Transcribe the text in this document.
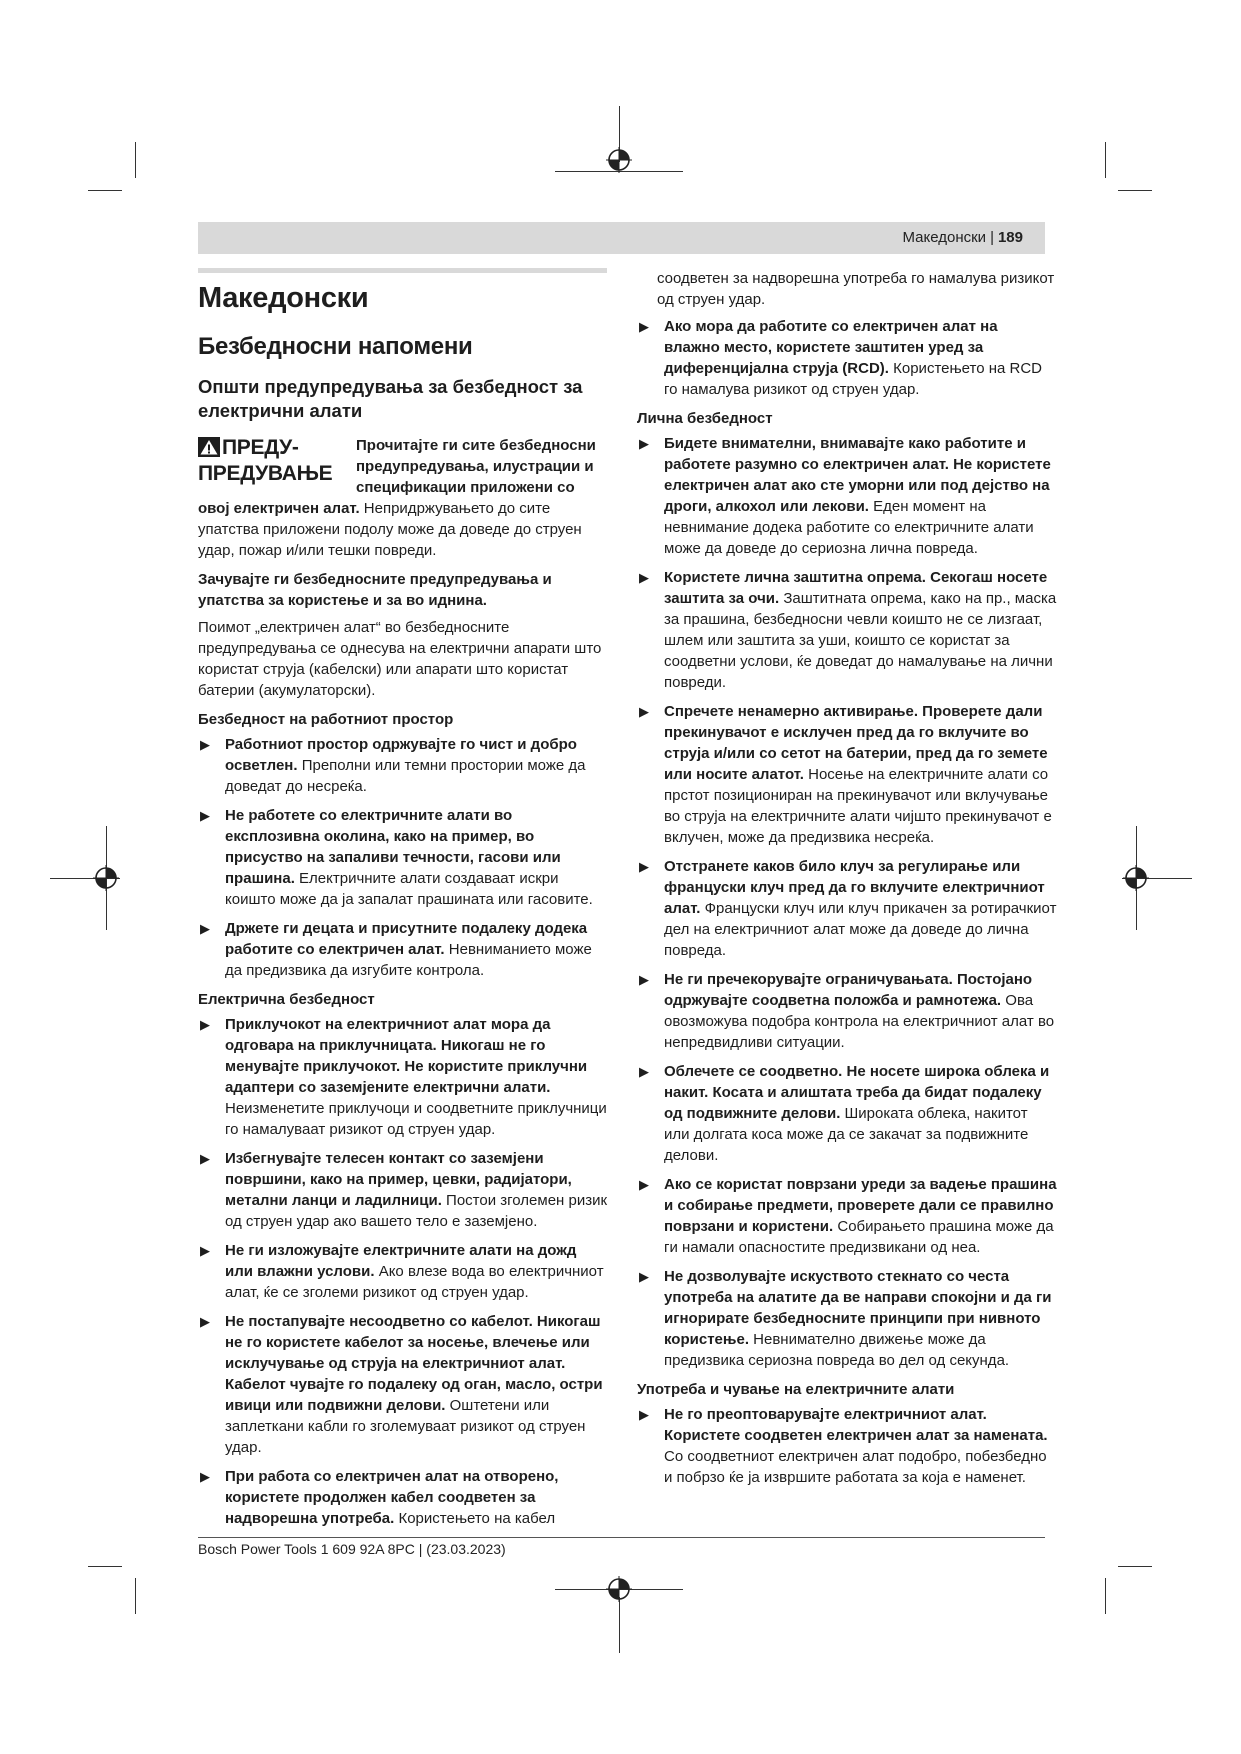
Македонски | 189
Македонски
Безбедносни напомени
Општи предупредувања за безбедност за електрични алати
ПРЕДУ-
ПРЕДУВАЊЕ
Прочитајте ги сите безбедносни предупредувања, илустрации и спецификации приложени со
овој електричен алат. Непридржувањето до сите упатства приложени подолу може да доведе до струен удар, пожар и/или тешки повреди.

Зачувајте ги безбедносните предупредувања и упатства за користење и за во иднина.

Поимот „електричен алат“ во безбедносните предупредувања се однесува на електрични апарати што користат струја (кабелски) или апарати што користат батерии (акумулаторски).

Безбедност на работниот простор
▶ Работниот простор одржувајте го чист и добро осветлен. Преполни или темни простории може да доведат до несреќа.
▶ Не работете со електричните алати во експлозивна околина, како на пример, во присуство на запаливи течности, гасови или прашина. Електричните алати создаваат искри коишто може да ја запалат прашината или гасовите.
▶ Држете ги децата и присутните подалеку додека работите со електричен алат. Невниманието може да предизвика да изгубите контрола.
Електрична безбедност
▶ Приклучокот на електричниот алат мора да одговара на приклучницата. Никогаш не го менувајте приклучокот. Не користите приклучни адаптери со заземјените електрични алати. Неизменетите приклучоци и соодветните приклучници го намалуваат ризикот од струен удар.
▶ Избегнувајте телесен контакт со заземјени површини, како на пример, цевки, радијатори, метални ланци и ладилници. Постои зголемен ризик од струен удар ако вашето тело е заземјено.
▶ Не ги изложувајте електричните алати на дожд или влажни услови. Ако влезе вода во електричниот алат, ќе се зголеми ризикот од струен удар.
▶ Не постапувајте несоодветно со кабелот. Никогаш не го користете кабелот за носење, влечење или исклучување од струја на електричниот алат. Кабелот чувајте го подалеку од оган, масло, остри ивици или подвижни делови. Оштетени или заплеткани кабли го зголемуваат ризикот од струен удар.
▶ При работа со електричен алат на отворено, користете продолжен кабел соодветен за надворешна употреба. Користењето на кабел

соодветен за надворешна употреба го намалува ризикот од струен удар.

▶ Ако мора да работите со електричен алат на влажно место, користете заштитен уред за диференцијална струја (RCD). Користењето на RCD го намалува ризикот од струен удар.
Лична безбедност
▶ Бидете внимателни, внимавајте како работите и работете разумно со електричен алат. Не користете електричен алат ако сте уморни или под дејство на дроги, алкохол или лекови. Еден момент на невнимание додека работите со електричните алати може да доведе до сериозна лична повреда.
▶ Користете лична заштитна опрема. Секогаш носете заштита за очи. Заштитната опрема, како на пр., маска за прашина, безбедносни чевли коишто не се лизгаат, шлем или заштита за уши, коишто се користат за соодветни услови, ќе доведат до намалување на лични повреди.
▶ Спречете ненамерно активирање. Проверете дали прекинувачот е исклучен пред да го вклучите во струја и/или со сетот на батерии, пред да го земете или носите алатот. Носење на електричните алати со прстот позициониран на прекинувачот или вклучување во струја на електричните алати чијшто прекинувачот е вклучен, може да предизвика несреќа.
▶ Отстранете каков било клуч за регулирање или француски клуч пред да го вклучите електричниот алат. Француски клуч или клуч прикачен за ротирачкиот дел на електричниот алат може да доведе до лична повреда.
▶ Не ги пречекорувајте ограничувањата. Постојано одржувајте соодветна положба и рамнотежа. Ова овозможува подобра контрола на електричниот алат во непредвидливи ситуации.
▶ Облечете се соодветно. Не носете широка облека и накит. Косата и алиштата треба да бидат подалеку од подвижните делови. Широката облека, накитот или долгата коса може да се закачат за подвижните делови.
▶ Ако се користат поврзани уреди за вадење прашина и собирање предмети, проверете дали се правилно поврзани и користени. Собирањето прашина може да ги намали опасностите предизвикани од неа.
▶ Не дозволувајте искуството стекнато со честа употреба на алатите да ве направи спокојни и да ги игнорирате безбедносните принципи при нивното користење. Невнимателно движење може да предизвика сериозна повреда во дел од секунда.
Употреба и чување на електричните алати
▶ Не го преоптоварувајте електричниот алат. Користете соодветен електричен алат за намената. Со соодветниот електричен алат подобро, побезбедно и побрзо ќе ја извршите работата за која е наменет.
Bosch Power Tools 1 609 92A 8PC | (23.03.2023)
